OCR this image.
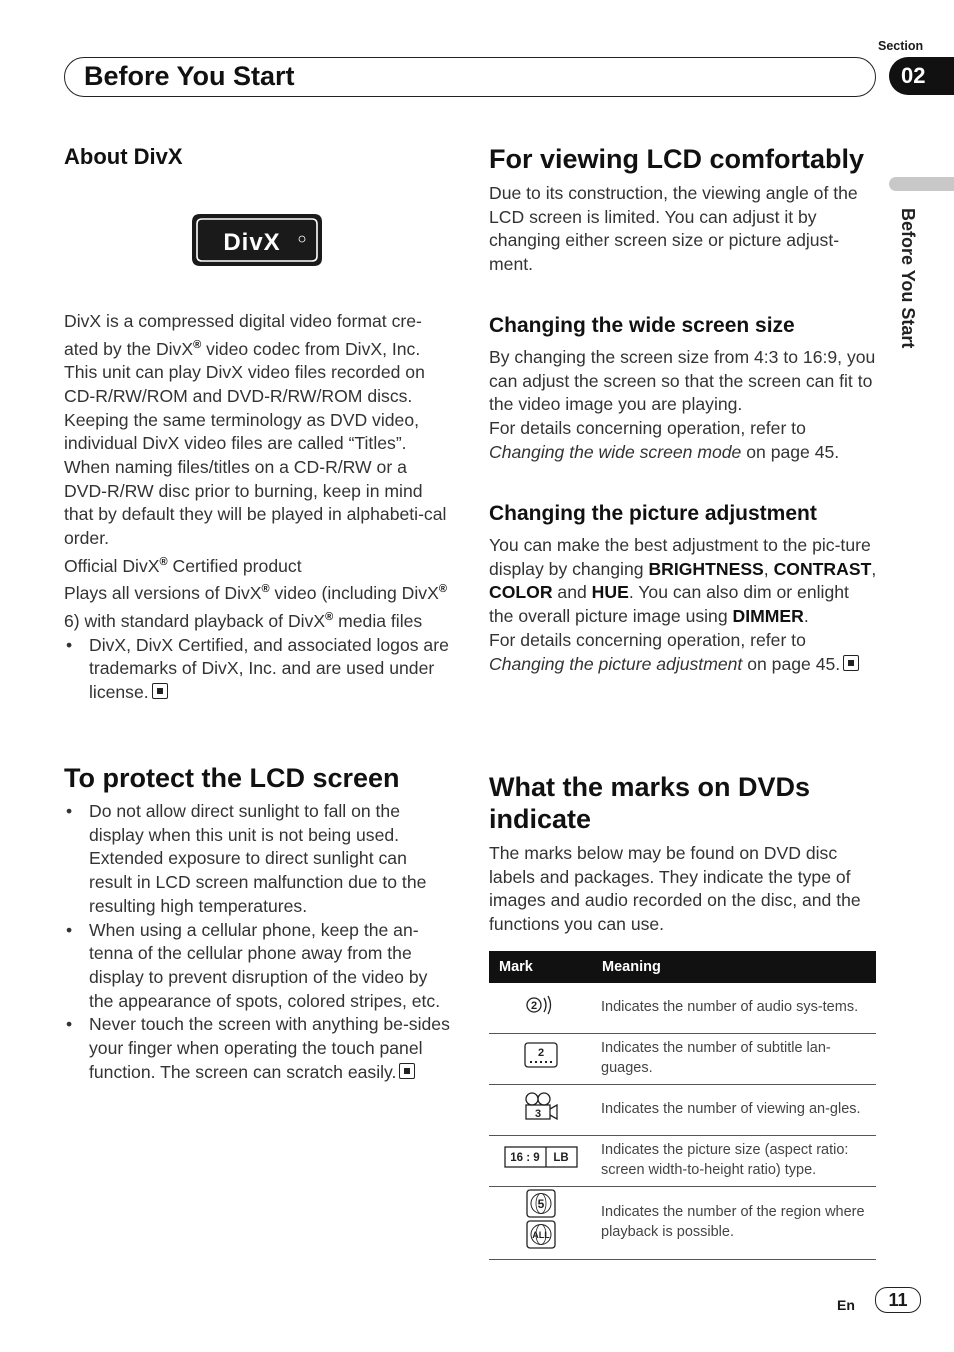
Before You Start
Section
02
Before You Start
About DivX
DivX

DivX is a compressed digital video format cre-ated by the DivX® video codec from DivX, Inc. This unit can play DivX video files recorded on CD-R/RW/ROM and DVD-R/RW/ROM discs. Keeping the same terminology as DVD video, individual DivX video files are called “Titles”. When naming files/titles on a CD-R/RW or a DVD-R/RW disc prior to burning, keep in mind that by default they will be played in alphabeti-cal order.

Official DivX® Certified product

Plays all versions of DivX® video (including DivX® 6) with standard playback of DivX® media files

• DivX, DivX Certified, and associated logos are trademarks of DivX, Inc. and are used under license.
To protect the LCD screen
• Do not allow direct sunlight to fall on the display when this unit is not being used. Extended exposure to direct sunlight can result in LCD screen malfunction due to the resulting high temperatures.
• When using a cellular phone, keep the an-tenna of the cellular phone away from the display to prevent disruption of the video by the appearance of spots, colored stripes, etc.
• Never touch the screen with anything be-sides your finger when operating the touch panel function. The screen can scratch easily.
For viewing LCD comfortably
Due to its construction, the viewing angle of the LCD screen is limited. You can adjust it by changing either screen size or picture adjust-ment.
Changing the wide screen size

By changing the screen size from 4:3 to 16:9, you can adjust the screen so that the screen can fit to the video image you are playing.

For details concerning operation, refer to Changing the wide screen mode on page 45.

Changing the picture adjustment

You can make the best adjustment to the pic-ture display by changing BRIGHTNESS, CONTRAST, COLOR and HUE. You can also dim or enlight the overall picture image using DIMMER.

For details concerning operation, refer to Changing the picture adjustment on page 45.

What the marks on DVDs indicate
The marks below may be found on DVD disc labels and packages. They indicate the type of images and audio recorded on the disc, and the functions you can use.
Mark	Meaning

2	Indicates the number of audio sys-tems.

2	Indicates the number of subtitle lan-guages.

3	Indicates the number of viewing an-gles.

16 : 9 LB	Indicates the picture size (aspect ratio: screen width-to-height ratio) type.

5
ALL	Indicates the number of the region where playback is possible.
En	11
